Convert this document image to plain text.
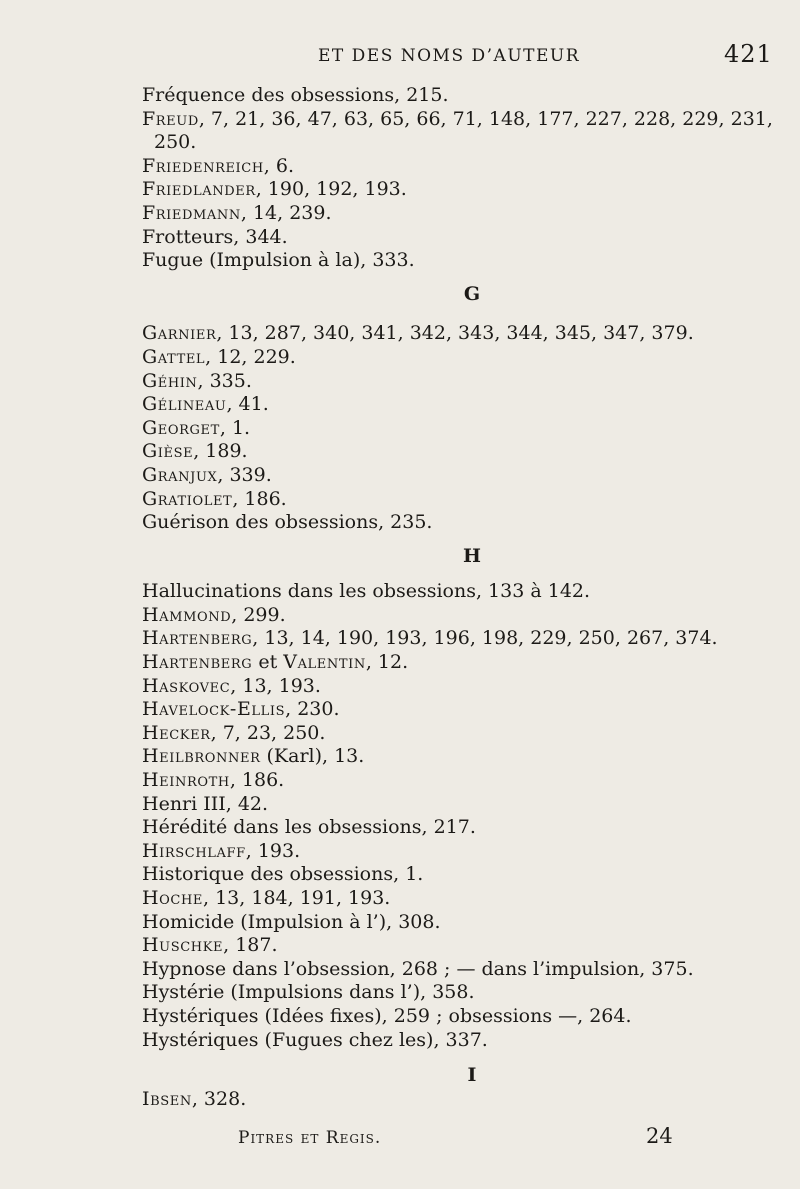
ET DES NOMS D’AUTEUR	421
Fréquence des obsessions, 215.
Freud, 7, 21, 36, 47, 63, 65, 66, 71, 148, 177, 227, 228, 229, 231, 250.
Friedenreich, 6.
Friedlander, 190, 192, 193.
Friedmann, 14, 239.
Frotteurs, 344.
Fugue (Impulsion à la), 333.
G
Garnier, 13, 287, 340, 341, 342, 343, 344, 345, 347, 379.
Gattel, 12, 229.
Géhin, 335.
Gélineau, 41.
Georget, 1.
Gièse, 189.
Granjux, 339.
Gratiolet, 186.
Guérison des obsessions, 235.
H
Hallucinations dans les obsessions, 133 à 142.
Hammond, 299.
Hartenberg, 13, 14, 190, 193, 196, 198, 229, 250, 267, 374.
Hartenberg et Valentin, 12.
Haskovec, 13, 193.
Havelock-Ellis, 230.
Hecker, 7, 23, 250.
Heilbronner (Karl), 13.
Heinroth, 186.
Henri III, 42.
Hérédité dans les obsessions, 217.
Hirschlaff, 193.
Historique des obsessions, 1.
Hoche, 13, 184, 191, 193.
Homicide (Impulsion à l’), 308.
Huschke, 187.
Hypnose dans l’obsession, 268 ; — dans l’impulsion, 375.
Hystérie (Impulsions dans l’), 358.
Hystériques (Idées fixes), 259 ; obsessions —, 264.
Hystériques (Fugues chez les), 337.
I
Ibsen, 328.
Pitres et Regis.	24
